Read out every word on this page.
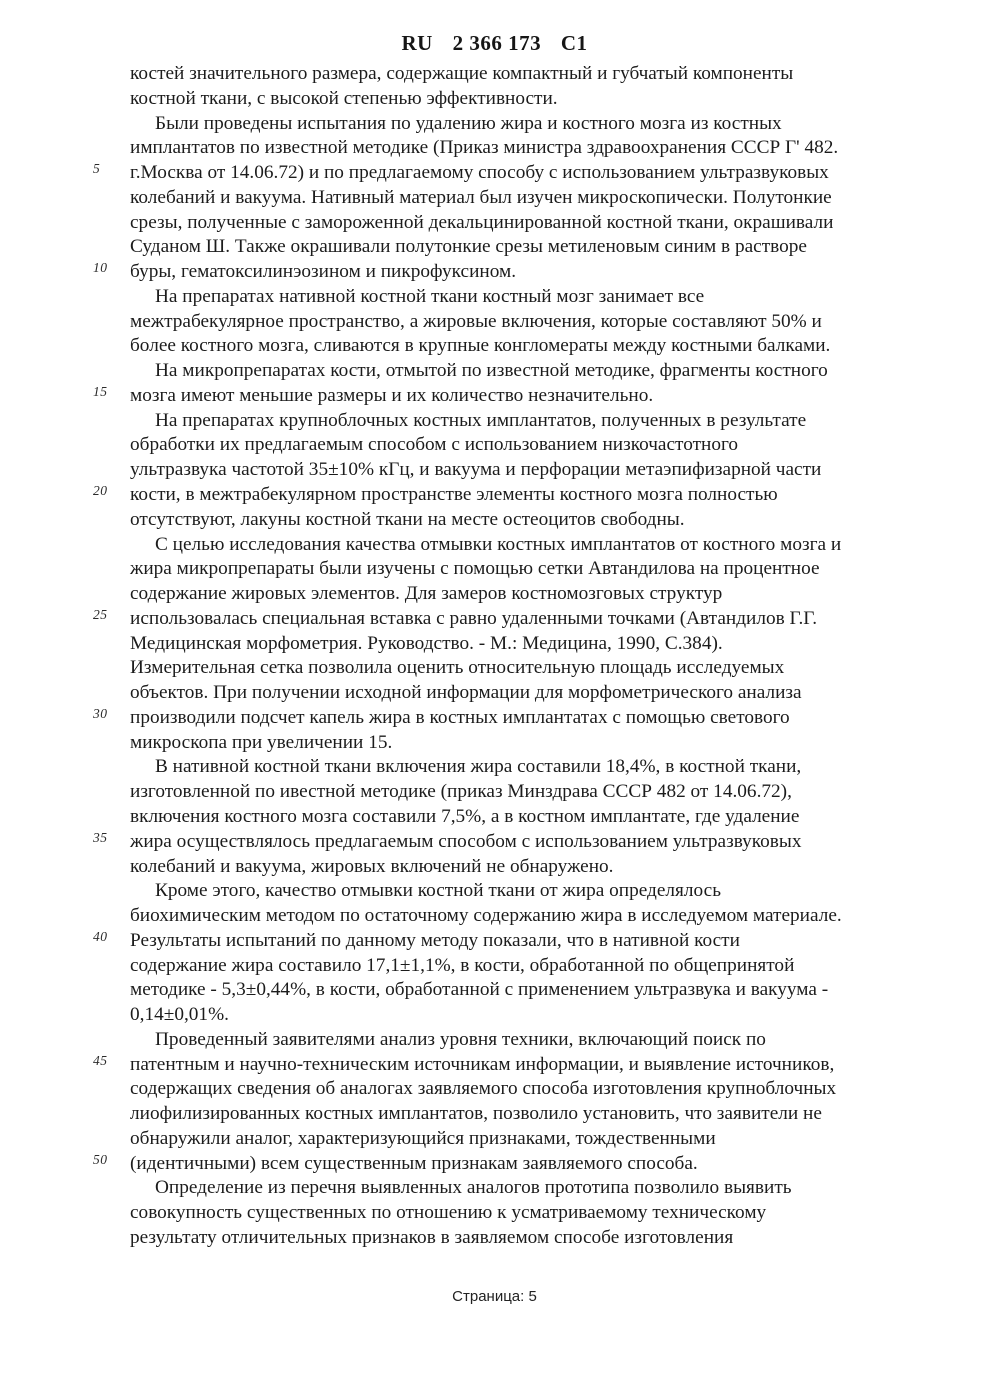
RU 2 366 173 C1
костей значительного размера, содержащие компактный и губчатый компоненты
костной ткани, с высокой степенью эффективности.
Были проведены испытания по удалению жира и костного мозга из костных
имплантатов по известной методике (Приказ министра здравоохранения СССР Г' 482.
5	г.Москва от 14.06.72) и по предлагаемому способу с использованием ультразвуковых
колебаний и вакуума. Нативный материал был изучен микроскопически. Полутонкие
срезы, полученные с замороженной декальцинированной костной ткани, окрашивали
Суданом Ш. Также окрашивали полутонкие срезы метиленовым синим в растворе
10	буры, гематоксилинэозином и пикрофуксином.
На препаратах нативной костной ткани костный мозг занимает все
межтрабекулярное пространство, а жировые включения, которые составляют 50% и
более костного мозга, сливаются в крупные конгломераты между костными балками.
На микропрепаратах кости, отмытой по известной методике, фрагменты костного
15	мозга имеют меньшие размеры и их количество незначительно.
На препаратах крупноблочных костных имплантатов, полученных в результате
обработки их предлагаемым способом с использованием низкочастотного
ультразвука частотой 35±10% кГц, и вакуума и перфорации метаэпифизарной части
20	кости, в межтрабекулярном пространстве элементы костного мозга полностью
отсутствуют, лакуны костной ткани на месте остеоцитов свободны.
С целью исследования качества отмывки костных имплантатов от костного мозга и
жира микропрепараты были изучены с помощью сетки Автандилова на процентное
содержание жировых элементов. Для замеров костномозговых структур
25	использовалась специальная вставка с равно удаленными точками (Автандилов Г.Г.
Медицинская морфометрия. Руководство. - М.: Медицина, 1990, С.384).
Измерительная сетка позволила оценить относительную площадь исследуемых
объектов. При получении исходной информации для морфометрического анализа
30	производили подсчет капель жира в костных имплантатах с помощью светового
микроскопа при увеличении 15.
В нативной костной ткани включения жира составили 18,4%, в костной ткани,
изготовленной по ивестной методике (приказ Минздрава СССР 482 от 14.06.72),
включения костного мозга составили 7,5%, а в костном имплантате, где удаление
35	жира осуществлялось предлагаемым способом с использованием ультразвуковых
колебаний и вакуума, жировых включений не обнаружено.
Кроме этого, качество отмывки костной ткани от жира определялось
биохимическим методом по остаточному содержанию жира в исследуемом материале.
40	Результаты испытаний по данному методу показали, что в нативной кости
содержание жира составило 17,1±1,1%, в кости, обработанной по общепринятой
методике - 5,3±0,44%, в кости, обработанной с применением ультразвука и вакуума -
0,14±0,01%.
Проведенный заявителями анализ уровня техники, включающий поиск по
45	патентным и научно-техническим источникам информации, и выявление источников,
содержащих сведения об аналогах заявляемого способа изготовления крупноблочных
лиофилизированных костных имплантатов, позволило установить, что заявители не
обнаружили аналог, характеризующийся признаками, тождественными
50	(идентичными) всем существенным признакам заявляемого способа.
Определение из перечня выявленных аналогов прототипа позволило выявить
совокупность существенных по отношению к усматриваемому техническому
результату отличительных признаков в заявляемом способе изготовления
Страница: 5
